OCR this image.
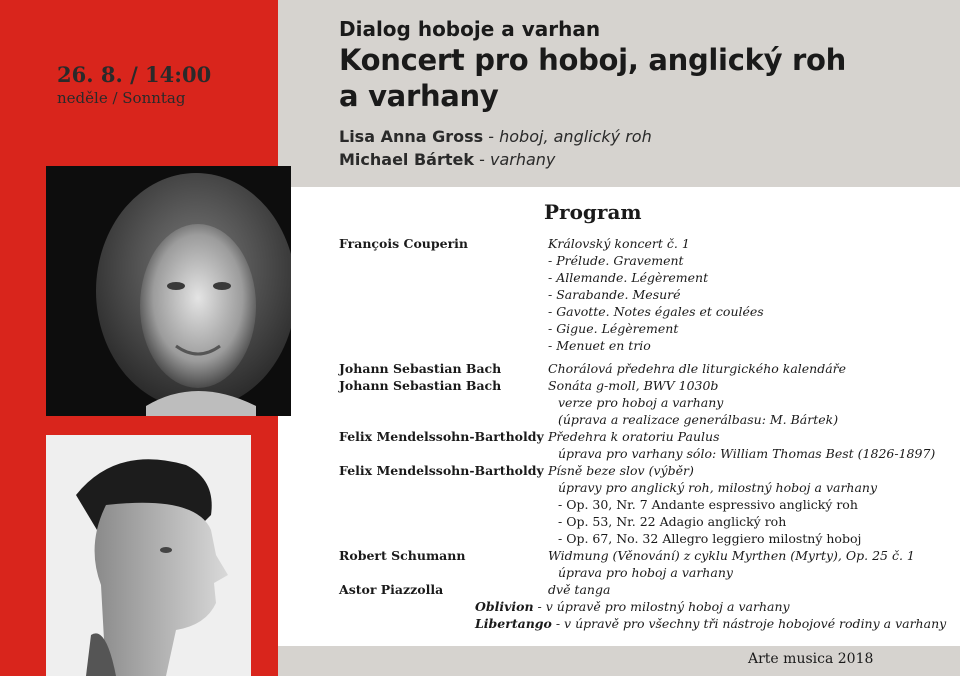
26. 8. / 14:00
neděle / Sonntag
Dialog hoboje a varhan
Koncert pro hoboj, anglický roh
a varhany
Lisa Anna Gross - hoboj, anglický roh
Michael Bártek - varhany
Program
François Couperin	Královský koncert č. 1
- Prélude. Gravement
- Allemande. Légèrement
- Sarabande. Mesuré
- Gavotte. Notes égales et coulées
- Gigue. Légèrement
- Menuet en trio
Johann Sebastian Bach	Chorálová předehra dle liturgického kalendáře
Johann Sebastian Bach	Sonáta g-moll, BWV 1030b
verze pro hoboj a varhany
(úprava a realizace generálbasu: M. Bártek)
Felix Mendelssohn-Bartholdy Předehra k oratoriu Paulus
úprava pro varhany sólo: William Thomas Best (1826-1897)
Felix Mendelssohn-Bartholdy Písně beze slov (výběr)
úpravy pro anglický roh, milostný hoboj a varhany
- Op. 30, Nr. 7 Andante espressivo anglický roh
- Op. 53, Nr. 22 Adagio anglický roh
- Op. 67, No. 32 Allegro leggiero milostný hoboj
Robert Schumann	Widmung (Věnování) z cyklu Myrthen (Myrty), Op. 25 č. 1
úprava pro hoboj a varhany
Astor Piazzolla	dvě tanga
Oblivion - v úpravě pro milostný hoboj a varhany
Libertango - v úpravě pro všechny tři nástroje hobojové rodiny a varhany
Arte musica 2018
